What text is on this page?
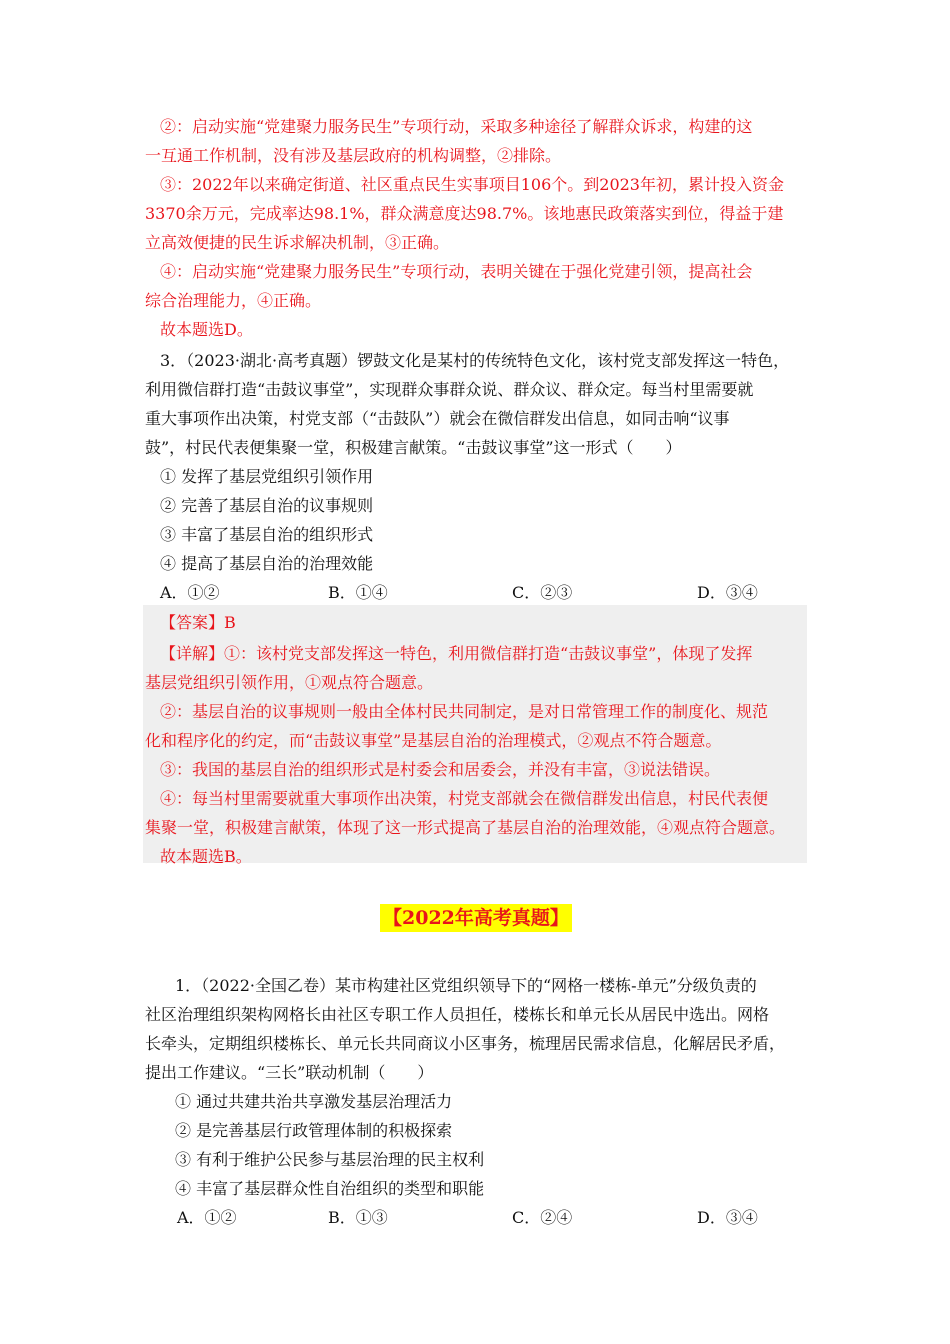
②：启动实施“党建聚力服务民生”专项行动，采取多种途径了解群众诉求，构建的这
一互通工作机制，没有涉及基层政府的机构调整，②排除。
③：2022年以来确定街道、社区重点民生实事项目106个。到2023年初，累计投入资金
3370余万元，完成率达98.1%，群众满意度达98.7%。该地惠民政策落实到位，得益于建
立高效便捷的民生诉求解决机制，③正确。
④：启动实施“党建聚力服务民生”专项行动，表明关键在于强化党建引领，提高社会
综合治理能力，④正确。
故本题选D。
3．（2023·湖北·高考真题）锣鼓文化是某村的传统特色文化，该村党支部发挥这一特色，
利用微信群打造“击鼓议事堂”，实现群众事群众说、群众议、群众定。每当村里需要就
重大事项作出决策，村党支部（“击鼓队”）就会在微信群发出信息，如同击响“议事
鼓”，村民代表便集聚一堂，积极建言献策。“击鼓议事堂”这一形式（　　）
① 发挥了基层党组织引领作用
② 完善了基层自治的议事规则
③ 丰富了基层自治的组织形式
④ 提高了基层自治的治理效能
A．①②	B．①④	C．②③	D．③④
【答案】B
【详解】①：该村党支部发挥这一特色，利用微信群打造“击鼓议事堂”，体现了发挥
基层党组织引领作用，①观点符合题意。
②：基层自治的议事规则一般由全体村民共同制定，是对日常管理工作的制度化、规范
化和程序化的约定，而“击鼓议事堂”是基层自治的治理模式，②观点不符合题意。
③：我国的基层自治的组织形式是村委会和居委会，并没有丰富，③说法错误。
④：每当村里需要就重大事项作出决策，村党支部就会在微信群发出信息，村民代表便
集聚一堂，积极建言献策，体现了这一形式提高了基层自治的治理效能，④观点符合题意。
故本题选B。
【2022年高考真题】
1．（2022·全国乙卷）某市构建社区党组织领导下的“网格一楼栋-单元”分级负责的
社区治理组织架构网格长由社区专职工作人员担任，楼栋长和单元长从居民中选出。网格
长牵头，定期组织楼栋长、单元长共同商议小区事务，梳理居民需求信息，化解居民矛盾，
提出工作建议。“三长”联动机制（　　）
① 通过共建共治共享激发基层治理活力
② 是完善基层行政管理体制的积极探索
③ 有利于维护公民参与基层治理的民主权利
④ 丰富了基层群众性自治组织的类型和职能
A．①②	B．①③	C．②④	D．③④
